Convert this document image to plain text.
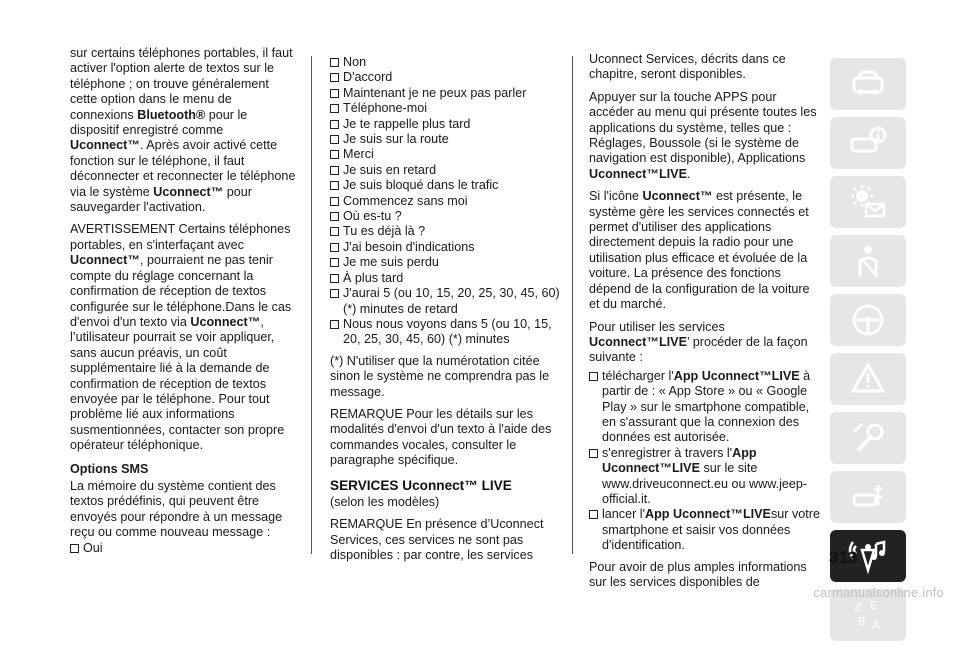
sur certains téléphones portables, il faut activer l'option alerte de textos sur le téléphone ; on trouve généralement cette option dans le menu de connexions Bluetooth® pour le dispositif enregistré comme Uconnect™. Après avoir activé cette fonction sur le téléphone, il faut déconnecter et reconnecter le téléphone via le système Uconnect™ pour sauvegarder l'activation.

AVERTISSEMENT Certains téléphones portables, en s'interfaçant avec Uconnect™, pourraient ne pas tenir compte du réglage concernant la confirmation de réception de textos configurée sur le téléphone.Dans le cas d'envoi d'un texto via Uconnect™, l’utilisateur pourrait se voir appliquer, sans aucun préavis, un coût supplémentaire lié à la demande de confirmation de réception de textos envoyée par le téléphone. Pour tout problème lié aux informations susmentionnées, contacter son propre opérateur téléphonique.

Options SMS

La mémoire du système contient des textos prédéfinis, qui peuvent être envoyés pour répondre à un message reçu ou comme nouveau message :

Oui
Non
D'accord
Maintenant je ne peux pas parler
Téléphone-moi
Je te rappelle plus tard
Je suis sur la route
Merci
Je suis en retard
Je suis bloqué dans le trafic
Commencez sans moi
Où es-tu ?
Tu es déjà là ?
J'ai besoin d'indications
Je me suis perdu
À plus tard
J'aurai 5 (ou 10, 15, 20, 25, 30, 45, 60) (*) minutes de retard
Nous nous voyons dans 5 (ou 10, 15, 20, 25, 30, 45, 60) (*) minutes

(*) N'utiliser que la numérotation citée sinon le système ne comprendra pas le message.

REMARQUE Pour les détails sur les modalités d'envoi d'un texto à l'aide des commandes vocales, consulter le paragraphe spécifique.

SERVICES Uconnect™ LIVE

(selon les modèles)

REMARQUE En présence d’Uconnect Services, ces services ne sont pas disponibles : par contre, les services

Uconnect Services, décrits dans ce chapitre, seront disponibles.

Appuyer sur la touche APPS pour accéder au menu qui présente toutes les applications du système, telles que : Réglages, Boussole (si le système de navigation est disponible), Applications Uconnect™LIVE.

Si l'icône Uconnect™ est présente, le système gère les services connectés et permet d'utiliser des applications directement depuis la radio pour une utilisation plus efficace et évoluée de la voiture. La présence des fonctions dépend de la configuration de la voiture et du marché.

Pour utiliser les services Uconnect™LIVE’ procéder de la façon suivante :

télécharger l'App Uconnect™LIVE à partir de : « App Store » ou « Google Play » sur le smartphone compatible, en s'assurant que la connexion des données est autorisée.
s'enregistrer à travers l'App Uconnect™LIVE sur le site www.driveuconnect.eu ou www.jeep-official.it.
lancer l'App Uconnect™LIVEsur votre smartphone et saisir vos données d'identification.

Pour avoir de plus amples informations sur les services disponibles de

Z E
B A
313
carmanualsonline.info
